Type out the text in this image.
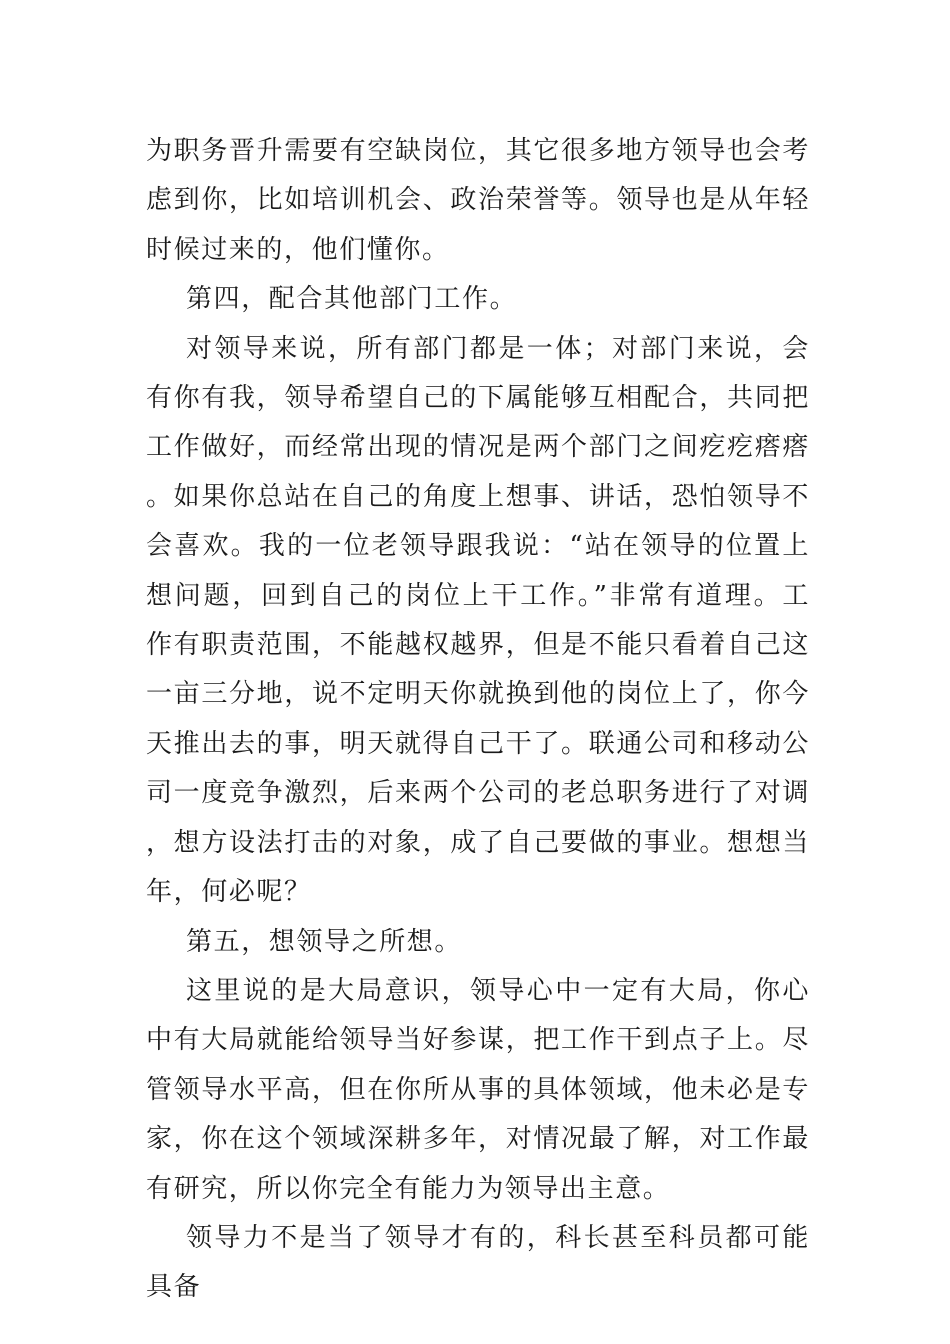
为职务晋升需要有空缺岗位，其它很多地方领导也会考虑到你，比如培训机会、政治荣誉等。领导也是从年轻时候过来的，他们懂你。

第四，配合其他部门工作。

对领导来说，所有部门都是一体；对部门来说，会有你有我，领导希望自己的下属能够互相配合，共同把工作做好，而经常出现的情况是两个部门之间疙疙瘩瘩。如果你总站在自己的角度上想事、讲话，恐怕领导不会喜欢。我的一位老领导跟我说：“站在领导的位置上想问题，回到自己的岗位上干工作。”非常有道理。工作有职责范围，不能越权越界，但是不能只看着自己这一亩三分地，说不定明天你就换到他的岗位上了，你今天推出去的事，明天就得自己干了。联通公司和移动公司一度竞争激烈，后来两个公司的老总职务进行了对调，想方设法打击的对象，成了自己要做的事业。想想当年，何必呢？

第五，想领导之所想。

这里说的是大局意识，领导心中一定有大局，你心中有大局就能给领导当好参谋，把工作干到点子上。尽管领导水平高，但在你所从事的具体领域，他未必是专家，你在这个领域深耕多年，对情况最了解，对工作最有研究，所以你完全有能力为领导出主意。

领导力不是当了领导才有的，科长甚至科员都可能具备
